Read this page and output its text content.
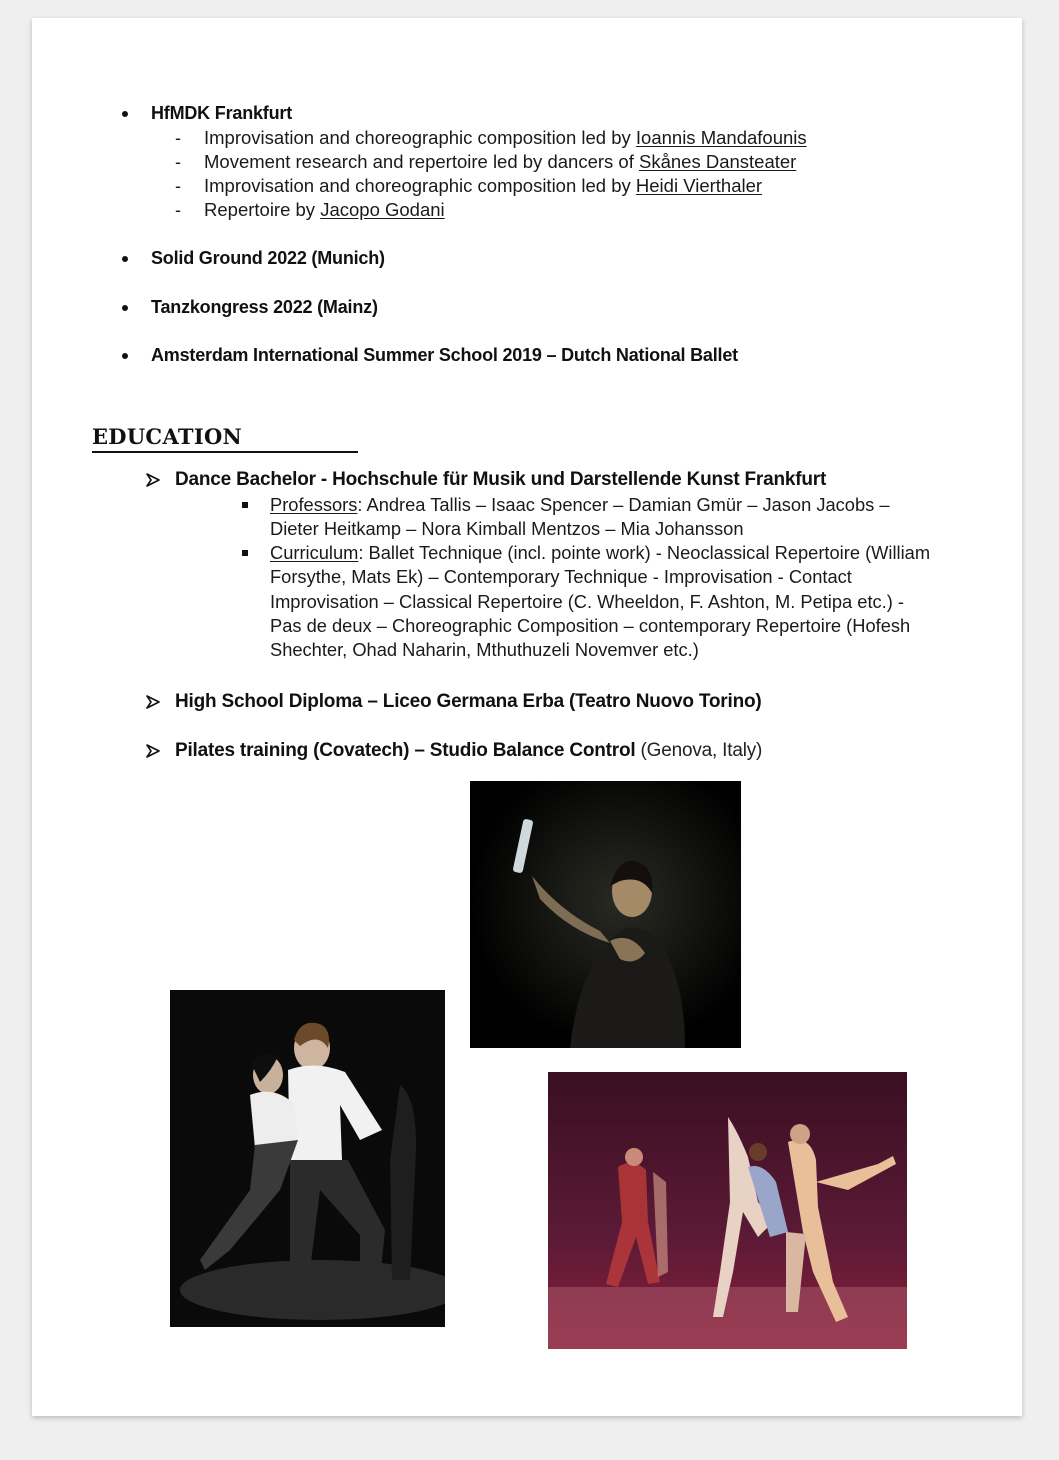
HfMDK Frankfurt
- Improvisation and choreographic composition led by Ioannis Mandafounis
- Movement research and repertoire led by dancers of Skånes Dansteater
- Improvisation and choreographic composition led by Heidi Vierthaler
- Repertoire by Jacopo Godani
Solid Ground 2022 (Munich)
Tanzkongress 2022 (Mainz)
Amsterdam International Summer School 2019 – Dutch National Ballet
EDUCATION
Dance Bachelor - Hochschule für Musik und Darstellende Kunst Frankfurt
Professors: Andrea Tallis – Isaac Spencer – Damian Gmür – Jason Jacobs – Dieter Heitkamp – Nora Kimball Mentzos – Mia Johansson
Curriculum: Ballet Technique (incl. pointe work) - Neoclassical Repertoire (William Forsythe, Mats Ek) – Contemporary Technique - Improvisation - Contact Improvisation – Classical Repertoire (C. Wheeldon, F. Ashton, M. Petipa etc.) - Pas de deux – Choreographic Composition – contemporary Repertoire (Hofesh Shechter, Ohad Naharin, Mthuthuzeli Novemver etc.)
High School Diploma – Liceo Germana Erba (Teatro Nuovo Torino)
Pilates training (Covatech) – Studio Balance Control (Genova, Italy)
